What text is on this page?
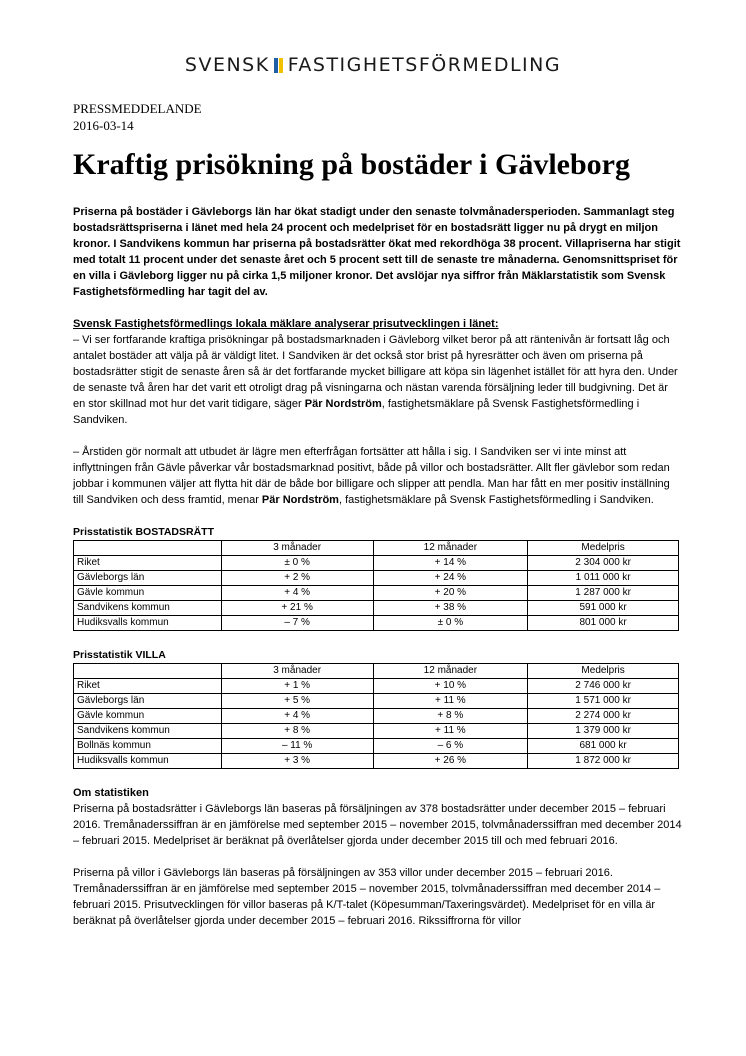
SVENSK FASTIGHETSFÖRMEDLING
PRESSMEDDELANDE
2016-03-14
Kraftig prisökning på bostäder i Gävleborg

Priserna på bostäder i Gävleborgs län har ökat stadigt under den senaste tolvmånadersperioden. Sammanlagt steg bostadsrättspriserna i länet med hela 24 procent och medelpriset för en bostadsrätt ligger nu på drygt en miljon kronor. I Sandvikens kommun har priserna på bostadsrätter ökat med rekordhöga 38 procent. Villapriserna har stigit med totalt 11 procent under det senaste året och 5 procent sett till de senaste tre månaderna. Genomsnittspriset för en villa i Gävleborg ligger nu på cirka 1,5 miljoner kronor. Det avslöjar nya siffror från Mäklarstatistik som Svensk Fastighetsförmedling har tagit del av.

Svensk Fastighetsförmedlings lokala mäklare analyserar prisutvecklingen i länet:

– Vi ser fortfarande kraftiga prisökningar på bostadsmarknaden i Gävleborg vilket beror på att räntenivån är fortsatt låg och antalet bostäder att välja på är väldigt litet. I Sandviken är det också stor brist på hyresrätter och även om priserna på bostadsrätter stigit de senaste åren så är det fortfarande mycket billigare att köpa sin lägenhet istället för att hyra den. Under de senaste två åren har det varit ett otroligt drag på visningarna och nästan varenda försäljning leder till budgivning. Det är en stor skillnad mot hur det varit tidigare, säger Pär Nordström, fastighetsmäklare på Svensk Fastighetsförmedling i Sandviken.

– Årstiden gör normalt att utbudet är lägre men efterfrågan fortsätter att hålla i sig. I Sandviken ser vi inte minst att inflyttningen från Gävle påverkar vår bostadsmarknad positivt, både på villor och bostadsrätter. Allt fler gävlebor som redan jobbar i kommunen väljer att flytta hit där de både bor billigare och slipper att pendla. Man har fått en mer positiv inställning till Sandviken och dess framtid, menar Pär Nordström, fastighetsmäklare på Svensk Fastighetsförmedling i Sandviken.

Prisstatistik BOSTADSRÄTT

	3 månader	12 månader	Medelpris
Riket	± 0 %	+ 14 %	2 304 000 kr
Gävleborgs län	+ 2 %	+ 24 %	1 011 000 kr
Gävle kommun	+ 4 %	+ 20 %	1 287 000 kr
Sandvikens kommun	+ 21 %	+ 38 %	591 000 kr
Hudiksvalls kommun	– 7 %	± 0 %	801 000 kr

Prisstatistik VILLA

	3 månader	12 månader	Medelpris
Riket	+ 1 %	+ 10 %	2 746 000 kr
Gävleborgs län	+ 5 %	+ 11 %	1 571 000 kr
Gävle kommun	+ 4 %	+ 8 %	2 274 000 kr
Sandvikens kommun	+ 8 %	+ 11 %	1 379 000 kr
Bollnäs kommun	– 11 %	– 6 %	681 000 kr
Hudiksvalls kommun	+ 3 %	+ 26 %	1 872 000 kr

Om statistiken

Priserna på bostadsrätter i Gävleborgs län baseras på försäljningen av 378 bostadsrätter under december 2015 – februari 2016. Tremånaderssiffran är en jämförelse med september 2015 – november 2015, tolvmånaderssiffran med december 2014 – februari 2015. Medelpriset är beräknat på överlåtelser gjorda under december 2015 till och med februari 2016.

Priserna på villor i Gävleborgs län baseras på försäljningen av 353 villor under december 2015 – februari 2016. Tremånaderssiffran är en jämförelse med september 2015 – november 2015, tolvmånaderssiffran med december 2014 – februari 2015. Prisutvecklingen för villor baseras på K/T-talet (Köpesumman/Taxeringsvärdet). Medelpriset för en villa är beräknat på överlåtelser gjorda under december 2015 – februari 2016. Rikssiffrorna för villor
